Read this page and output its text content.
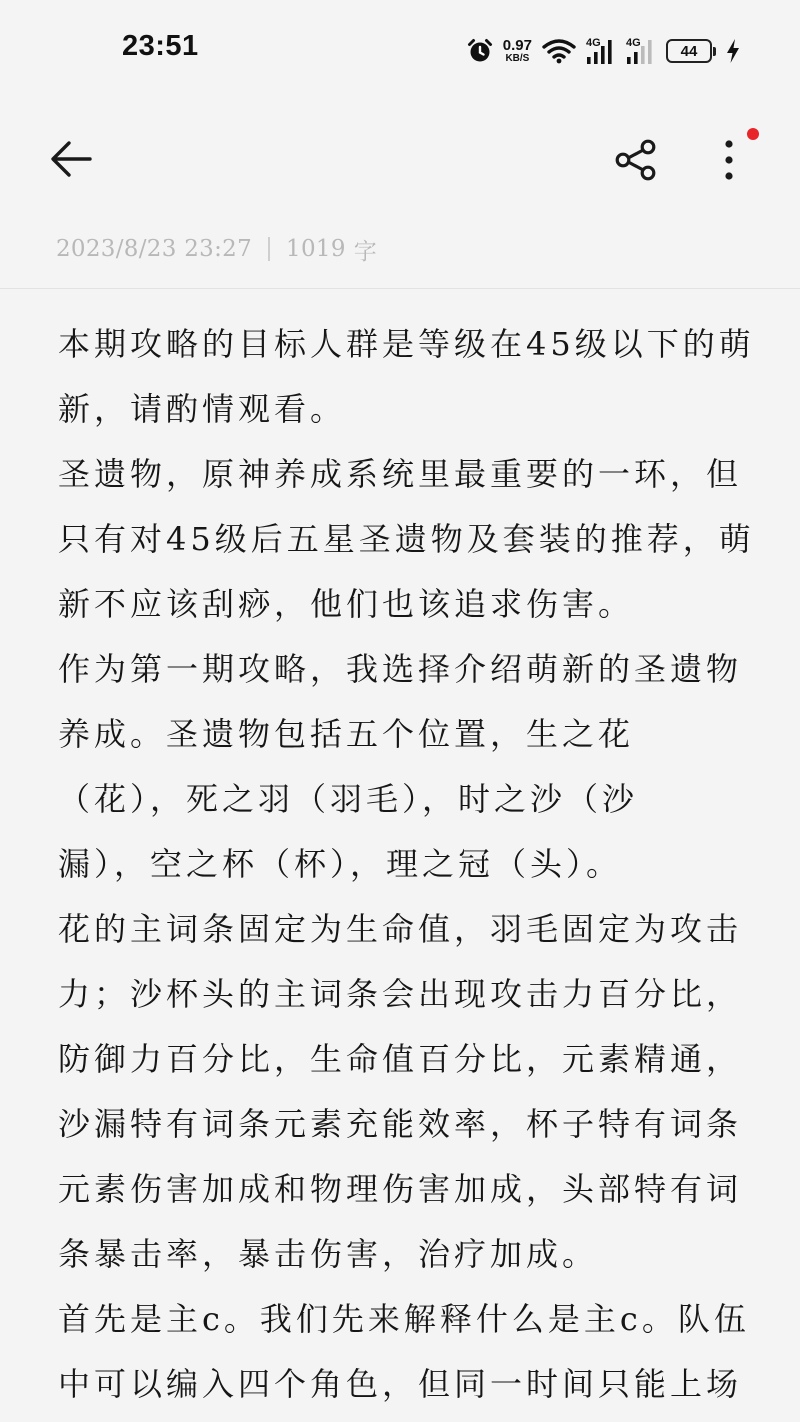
23:51	0.97
KB/S
4G 4G	44
2023/8/23 23:27 1019 字
本期攻略的目标人群是等级在45级以下的萌
新，请酌情观看。
圣遗物，原神养成系统里最重要的一环，但
只有对45级后五星圣遗物及套装的推荐，萌
新不应该刮痧，他们也该追求伤害。
作为第一期攻略，我选择介绍萌新的圣遗物
养成。圣遗物包括五个位置，生之花
（花），死之羽（羽毛），时之沙（沙
漏），空之杯（杯），理之冠（头）。
花的主词条固定为生命值，羽毛固定为攻击
力；沙杯头的主词条会出现攻击力百分比，
防御力百分比，生命值百分比，元素精通，
沙漏特有词条元素充能效率，杯子特有词条
元素伤害加成和物理伤害加成，头部特有词
条暴击率，暴击伤害，治疗加成。
首先是主c。我们先来解释什么是主c。队伍
中可以编入四个角色，但同一时间只能上场
